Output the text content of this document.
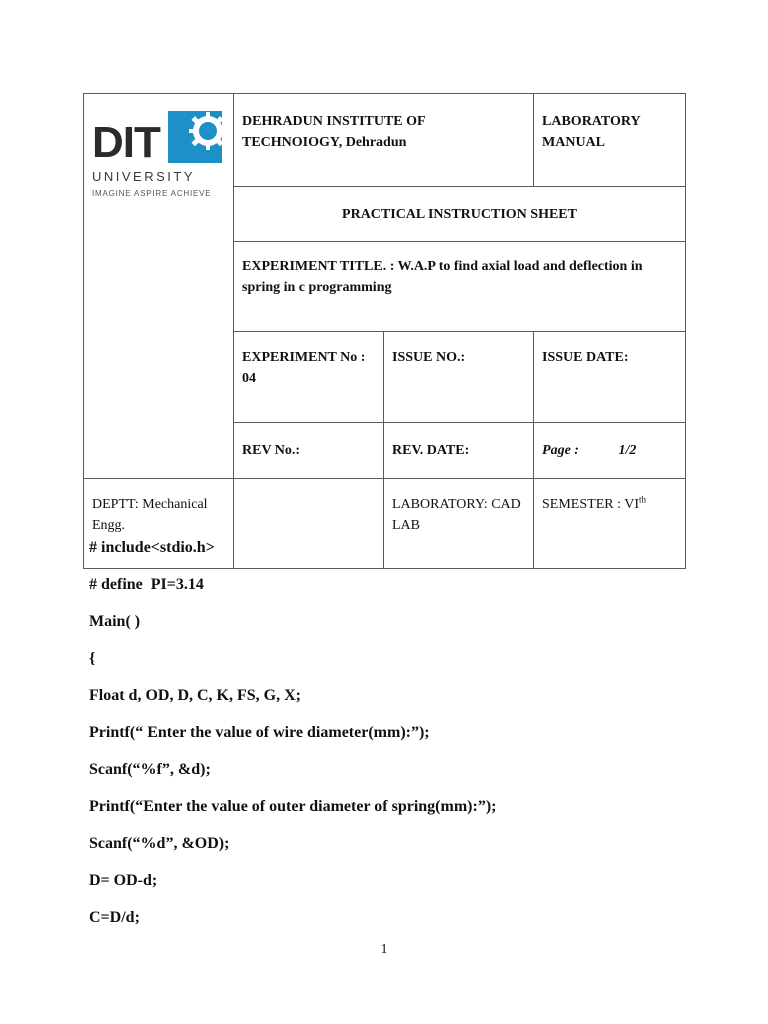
DIT
UNIVERSITY
IMAGINE ASPIRE ACHIEVE	DEHRADUN INSTITUTE OF TECHNOIOGY, Dehradun		LABORATORY MANUAL
	PRACTICAL INSTRUCTION SHEET		
	EXPERIMENT TITLE. : W.A.P to find axial load and deflection in spring in c programming		
	EXPERIMENT No : 04	ISSUE NO.:	ISSUE DATE:
	REV No.:	REV. DATE:	Page : 1/2
DEPTT: Mechanical Engg.		LABORATORY: CAD LAB	SEMESTER : VIth
# include<stdio.h>
# define  PI=3.14
Main( )
{
Float d, OD, D, C, K, FS, G, X;
Printf(“ Enter the value of wire diameter(mm):”);
Scanf(“%f”, &d);
Printf(“Enter the value of outer diameter of spring(mm):”);
Scanf(“%d”, &OD);
D= OD-d;
C=D/d;
1
